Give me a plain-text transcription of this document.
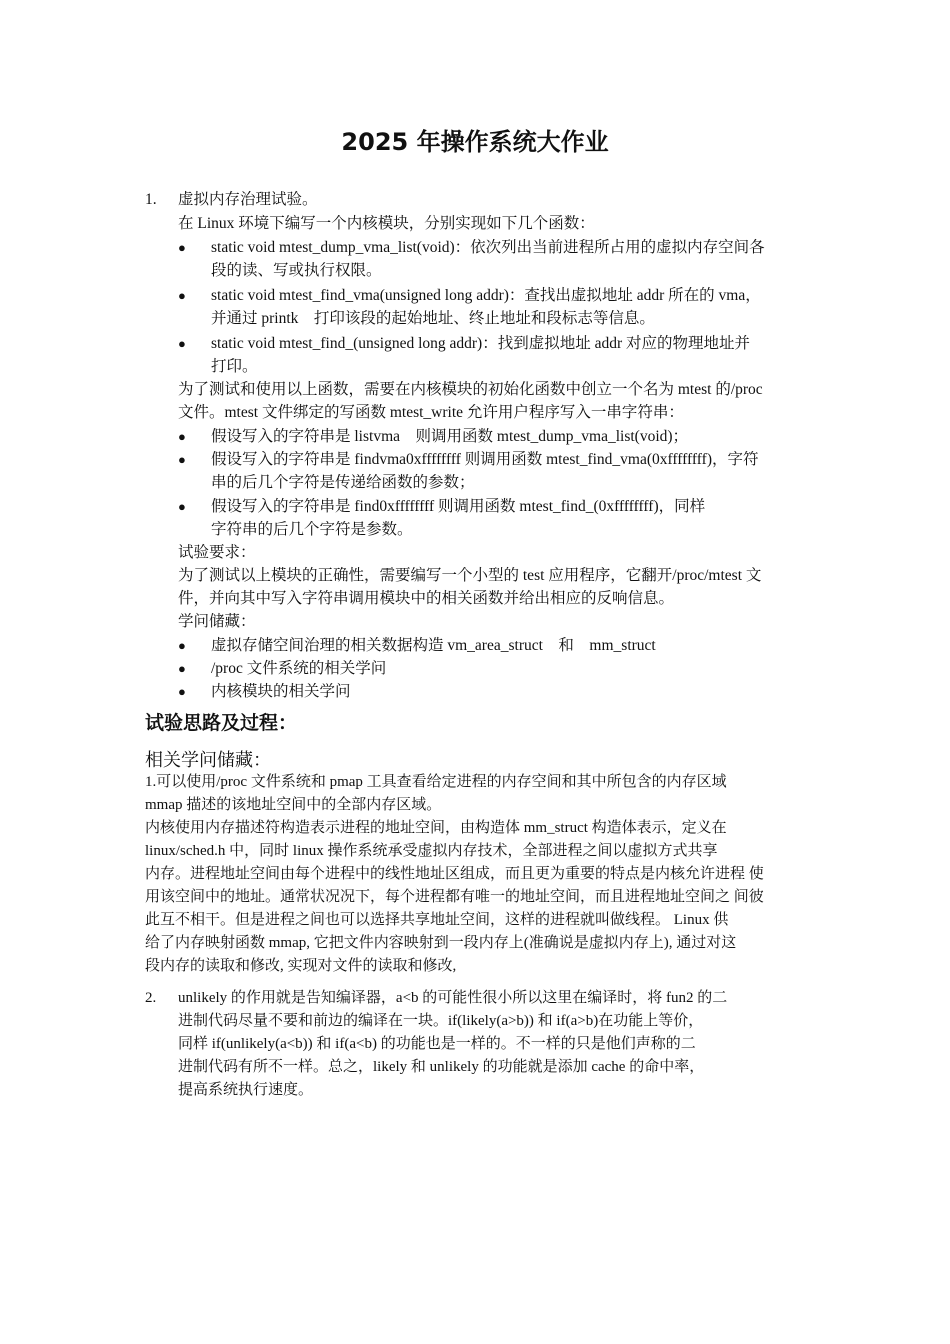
2025 年操作系统大作业
1. 虚拟内存治理试验。
在 Linux 环境下编写一个内核模块，分别实现如下几个函数：
● static void mtest_dump_vma_list(void)：依次列出当前进程所占用的虚拟内存空间各
段的读、写或执行权限。
● static void mtest_find_vma(unsigned long addr)：查找出虚拟地址 addr 所在的 vma，
并通过 printk　打印该段的起始地址、终止地址和段标志等信息。
● static void mtest_find_(unsigned long addr)：找到虚拟地址 addr 对应的物理地址并
打印。
为了测试和使用以上函数，需要在内核模块的初始化函数中创立一个名为 mtest 的/proc
文件。mtest 文件绑定的写函数 mtest_write 允许用户程序写入一串字符串：
● 假设写入的字符串是 listvma　则调用函数 mtest_dump_vma_list(void)；
● 假设写入的字符串是 findvma0xffffffff 则调用函数 mtest_find_vma(0xffffffff)，字符
串的后几个字符是传递给函数的参数；
● 假设写入的字符串是 find0xffffffff 则调用函数 mtest_find_(0xffffffff)，同样
字符串的后几个字符是参数。
试验要求：
为了测试以上模块的正确性，需要编写一个小型的 test 应用程序，它翻开/proc/mtest 文
件，并向其中写入字符串调用模块中的相关函数并给出相应的反响信息。
学问储藏：
● 虚拟存储空间治理的相关数据构造 vm_area_struct　和　mm_struct
● /proc 文件系统的相关学问
● 内核模块的相关学问
试验思路及过程：
相关学问储藏：
1.可以使用/proc 文件系统和 pmap 工具查看给定进程的内存空间和其中所包含的内存区域
mmap 描述的该地址空间中的全部内存区域。
内核使用内存描述符构造表示进程的地址空间，由构造体 mm_struct 构造体表示，定义在
linux/sched.h 中，同时 linux 操作系统承受虚拟内存技术，全部进程之间以虚拟方式共享
内存。进程地址空间由每个进程中的线性地址区组成，而且更为重要的特点是内核允许进程 使
用该空间中的地址。通常状况况下，每个进程都有唯一的地址空间，而且进程地址空间之 间彼
此互不相干。但是进程之间也可以选择共享地址空间，这样的进程就叫做线程。 Linux 供
给了内存映射函数 mmap, 它把文件内容映射到一段内存上(准确说是虚拟内存上), 通过对这
段内存的读取和修改, 实现对文件的读取和修改,
2. unlikely 的作用就是告知编译器，a<b 的可能性很小所以这里在编译时，将 fun2 的二
进制代码尽量不要和前边的编译在一块。if(likely(a>b)) 和 if(a>b)在功能上等价，
同样 if(unlikely(a<b)) 和 if(a<b) 的功能也是一样的。不一样的只是他们声称的二
进制代码有所不一样。总之，likely 和 unlikely 的功能就是添加 cache 的命中率，
提高系统执行速度。
